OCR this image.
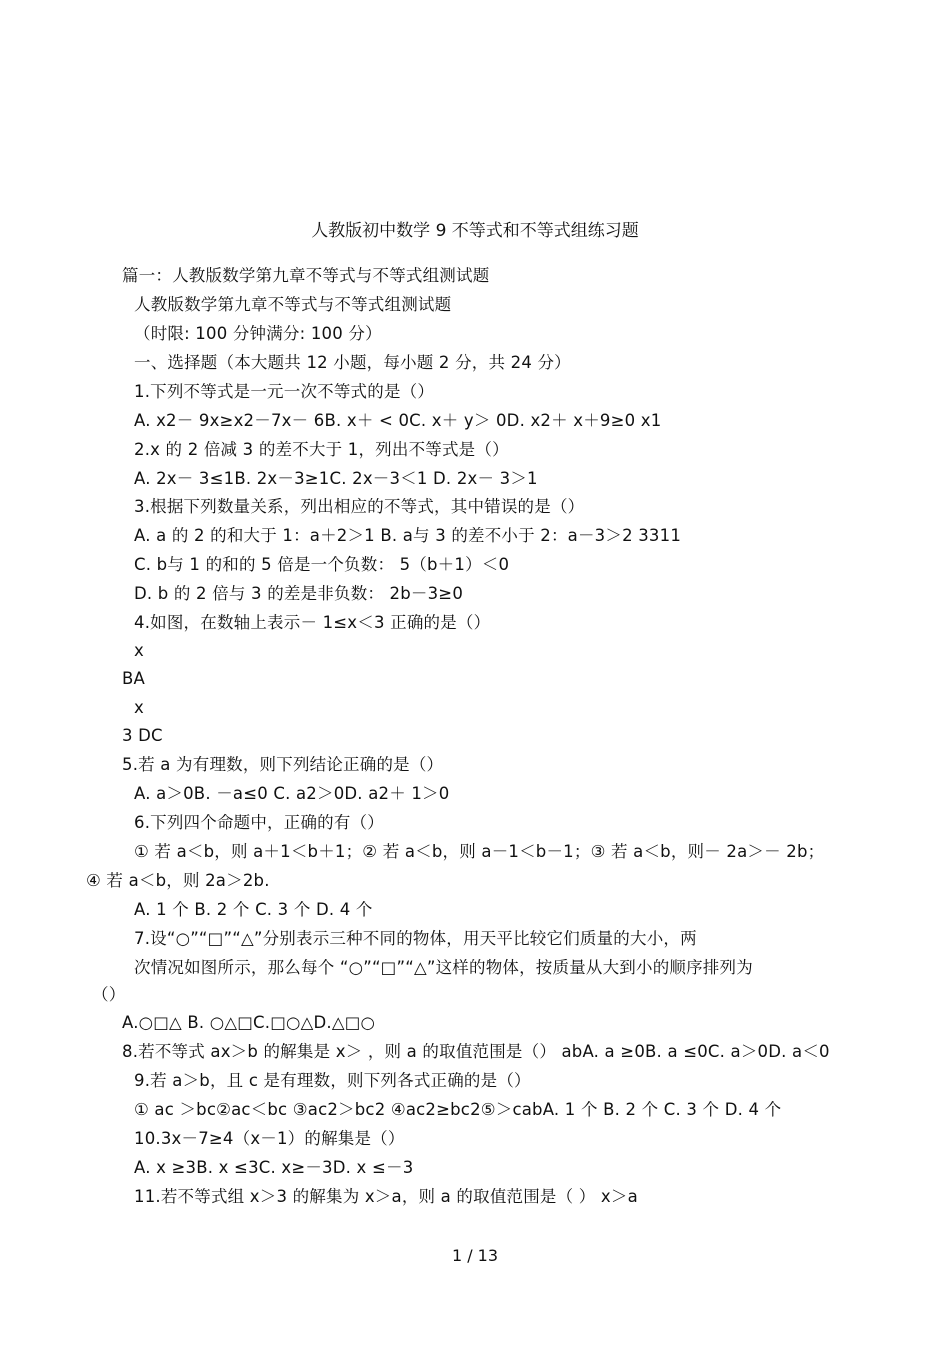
人教版初中数学 9 不等式和不等式组练习题
篇一：人教版数学第九章不等式与不等式组测试题
人教版数学第九章不等式与不等式组测试题
（时限: 100 分钟满分: 100 分）
一、选择题（本大题共 12 小题，每小题 2 分，共 24 分）
1.下列不等式是一元一次不等式的是（）
A. x2－ 9x≥x2－7x－ 6B. x＋ < 0C. x＋ y＞ 0D. x2＋ x＋9≥0 x1
2.x 的 2 倍减 3 的差不大于 1，列出不等式是（）
A. 2x－ 3≤1B. 2x－3≥1C. 2x－3＜1 D. 2x－ 3＞1
3.根据下列数量关系，列出相应的不等式，其中错误的是（）
A. a 的 2 的和大于 1：a＋2＞1 B. a与 3 的差不小于 2：a－3＞2 3311
C. b与 1 的和的 5 倍是一个负数： 5（b＋1）＜0
D. b 的 2 倍与 3 的差是非负数： 2b－3≥0
4.如图，在数轴上表示－ 1≤x＜3 正确的是（）
x
BA
x
3 DC
5.若 a 为有理数，则下列结论正确的是（）
A. a＞0B. －a≤0 C. a2＞0D. a2＋ 1＞0
6.下列四个命题中，正确的有（）
① 若 a＜b，则 a＋1＜b＋1；② 若 a＜b，则 a－1＜b－1；③ 若 a＜b，则－ 2a＞－ 2b；
④ 若 a＜b，则 2a＞2b.
A. 1 个 B. 2 个 C. 3 个 D. 4 个
7.设“○”“□”“△”分别表示三种不同的物体，用天平比较它们质量的大小，两
次情况如图所示，那么每个 “○”“□”“△”这样的物体，按质量从大到小的顺序排列为
（）
A.○□△ B. ○△□C.□○△D.△□○
8.若不等式 ax＞b 的解集是 x＞ ，则 a 的取值范围是（） abA. a ≥0B. a ≤0C. a＞0D. a＜0
9.若 a＞b，且 c 是有理数，则下列各式正确的是（）
① ac ＞bc②ac＜bc ③ac2＞bc2 ④ac2≥bc2⑤＞cabA. 1 个 B. 2 个 C. 3 个 D. 4 个
10.3x－7≥4（x－1）的解集是（）
A. x ≥3B. x ≤3C. x≥－3D. x ≤－3
11.若不等式组 x＞3 的解集为 x＞a，则 a 的取值范围是（ ） x＞a
1 / 13
